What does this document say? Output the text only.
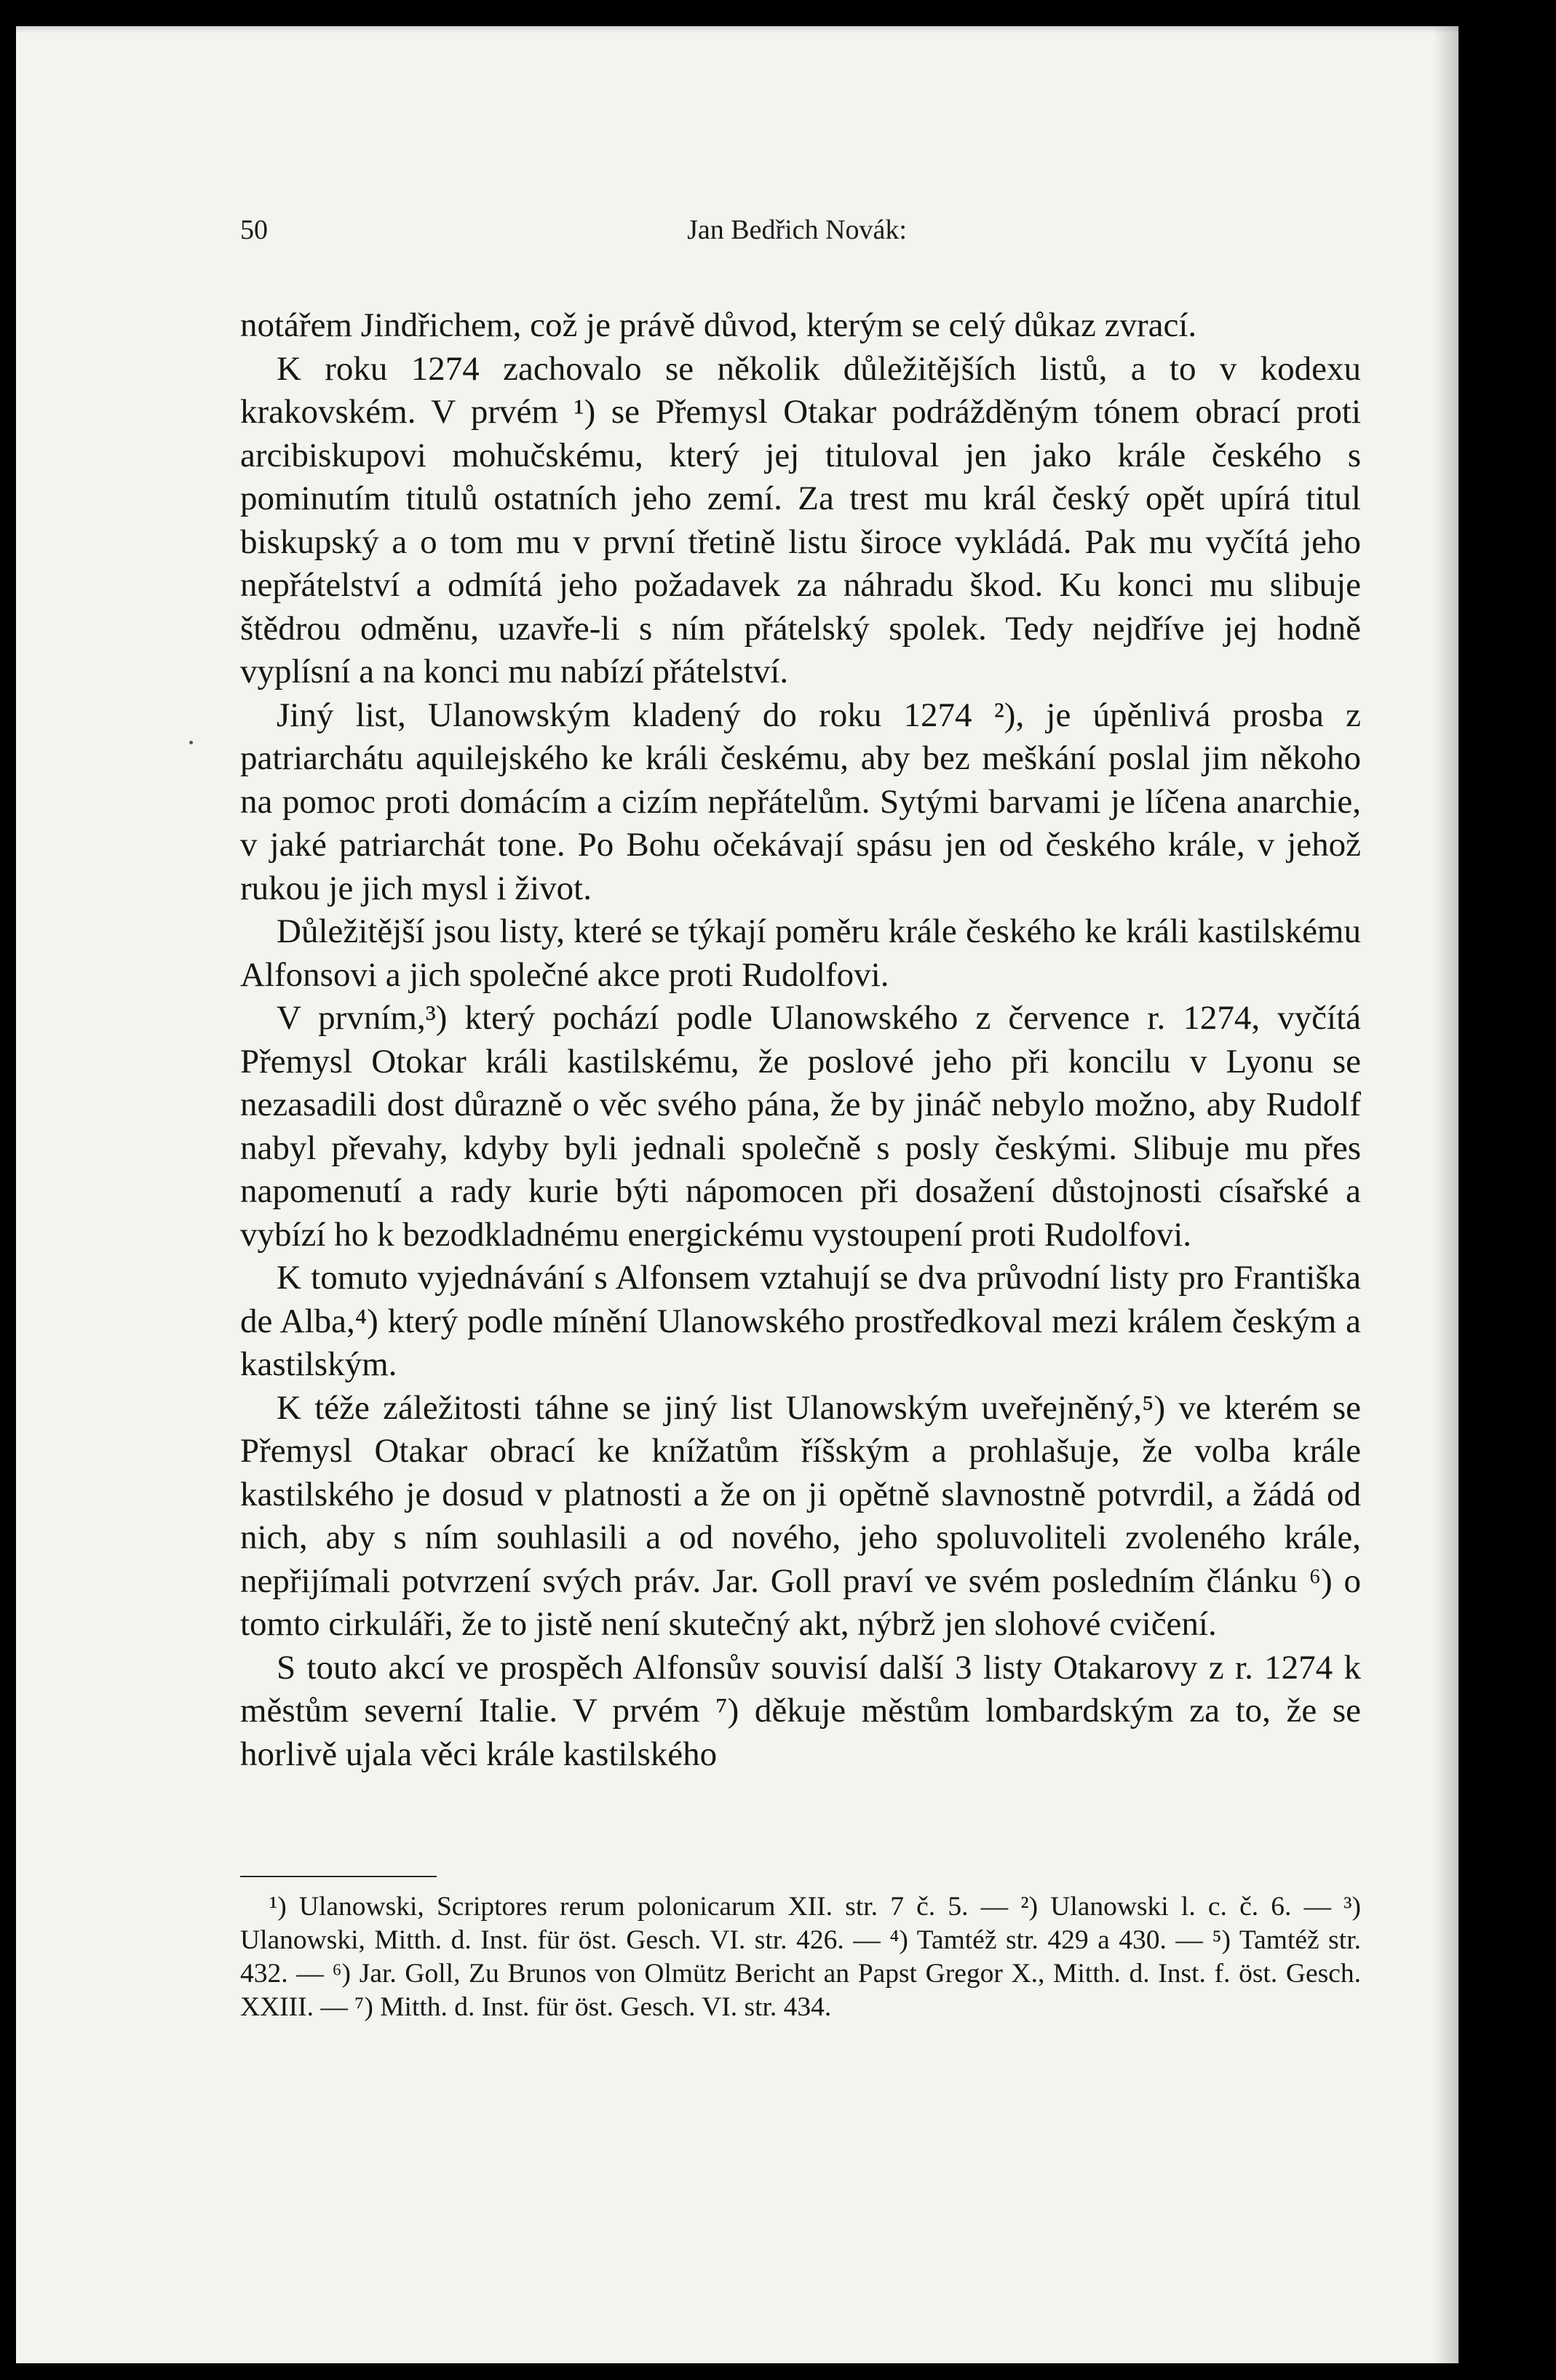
50	Jan Bedřich Novák:

notářem Jindřichem, což je právě důvod, kterým se celý důkaz zvrací.

K roku 1274 zachovalo se několik důležitějších listů, a to v kodexu krakovském. V prvém ¹) se Přemysl Otakar podrážděným tónem obrací proti arcibiskupovi mohučskému, který jej tituloval jen jako krále českého s pominutím titulů ostatních jeho zemí. Za trest mu král český opět upírá titul biskupský a o tom mu v první třetině listu široce vykládá. Pak mu vyčítá jeho nepřátelství a odmítá jeho požadavek za náhradu škod. Ku konci mu slibuje štědrou odměnu, uzavře-li s ním přátelský spolek. Tedy nejdříve jej hodně vyplísní a na konci mu nabízí přátelství.

Jiný list, Ulanowským kladený do roku 1274 ²), je úpěnlivá prosba z patriarchátu aquilejského ke králi českému, aby bez meškání poslal jim někoho na pomoc proti domácím a cizím nepřátelům. Sytými barvami je líčena anarchie, v jaké patriarchát tone. Po Bohu očekávají spásu jen od českého krále, v jehož rukou je jich mysl i život.

Důležitější jsou listy, které se týkají poměru krále českého ke králi kastilskému Alfonsovi a jich společné akce proti Rudolfovi.

V prvním,³) který pochází podle Ulanowského z července r. 1274, vyčítá Přemysl Otokar králi kastilskému, že poslové jeho při koncilu v Lyonu se nezasadili dost důrazně o věc svého pána, že by jináč nebylo možno, aby Rudolf nabyl převahy, kdyby byli jednali společně s posly českými. Slibuje mu přes napomenutí a rady kurie býti nápomocen při dosažení důstojnosti císařské a vybízí ho k bezodkladnému energickému vystoupení proti Rudolfovi.

K tomuto vyjednávání s Alfonsem vztahují se dva průvodní listy pro Františka de Alba,⁴) který podle mínění Ulanowského prostředkoval mezi králem českým a kastilským.

K téže záležitosti táhne se jiný list Ulanowským uveřejněný,⁵) ve kterém se Přemysl Otakar obrací ke knížatům říšským a prohlašuje, že volba krále kastilského je dosud v platnosti a že on ji opětně slavnostně potvrdil, a žádá od nich, aby s ním souhlasili a od nového, jeho spoluvoliteli zvoleného krále, nepřijímali potvrzení svých práv. Jar. Goll praví ve svém posledním článku ⁶) o tomto cirkuláři, že to jistě není skutečný akt, nýbrž jen slohové cvičení.

S touto akcí ve prospěch Alfonsův souvisí další 3 listy Otakarovy z r. 1274 k městům severní Italie. V prvém ⁷) děkuje městům lombardským za to, že se horlivě ujala věci krále kastilského

¹) Ulanowski, Scriptores rerum polonicarum XII. str. 7 č. 5. — ²) Ulanowski l. c. č. 6. — ³) Ulanowski, Mitth. d. Inst. für öst. Gesch. VI. str. 426. — ⁴) Tamtéž str. 429 a 430. — ⁵) Tamtéž str. 432. — ⁶) Jar. Goll, Zu Brunos von Olmütz Bericht an Papst Gregor X., Mitth. d. Inst. f. öst. Gesch. XXIII. — ⁷) Mitth. d. Inst. für öst. Gesch. VI. str. 434.
